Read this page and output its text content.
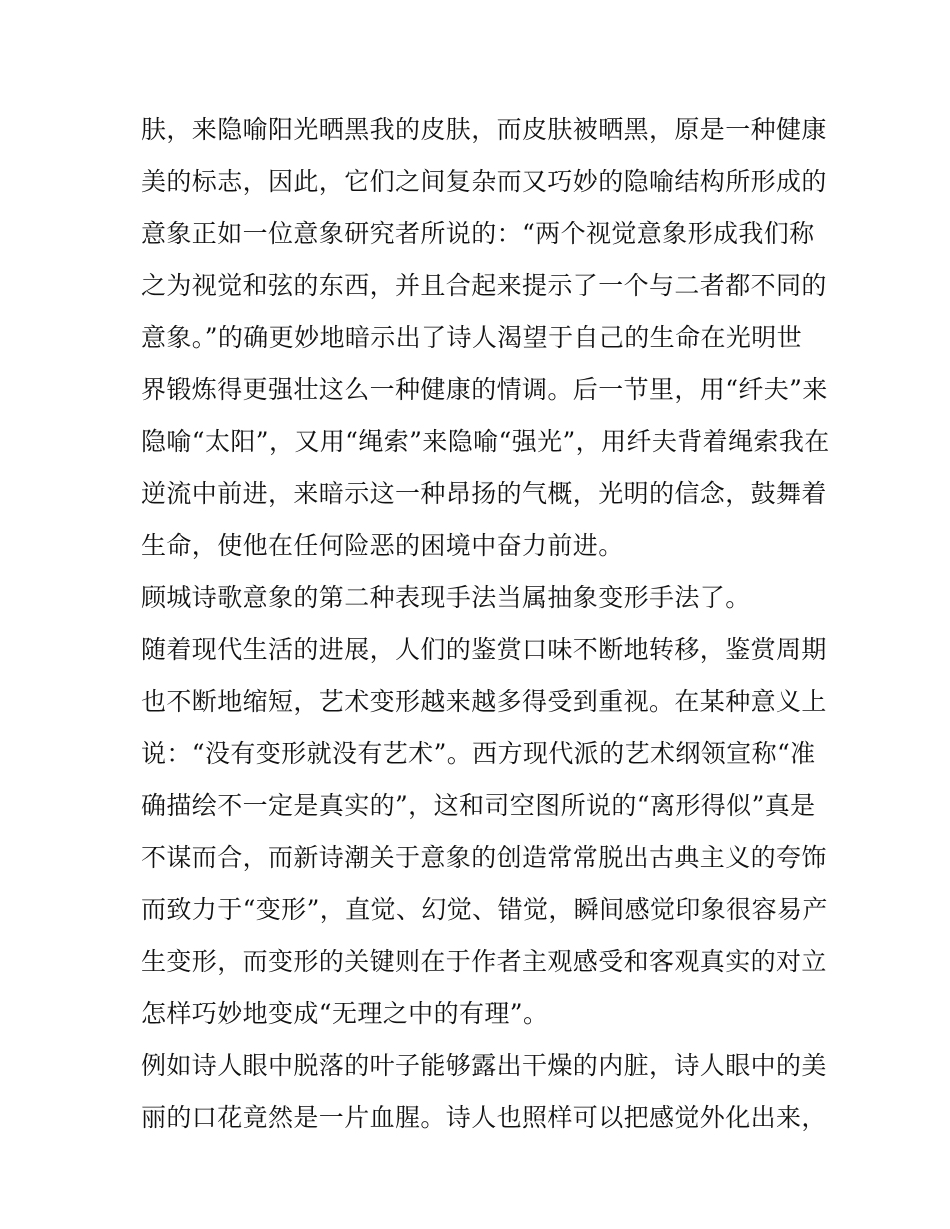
肤，来隐喻阳光晒黑我的皮肤，而皮肤被晒黑，原是一种健康
美的标志，因此，它们之间复杂而又巧妙的隐喻结构所形成的
意象正如一位意象研究者所说的：“两个视觉意象形成我们称
之为视觉和弦的东西，并且合起来提示了一个与二者都不同的
意象。”的确更妙地暗示出了诗人渴望于自己的生命在光明世
界锻炼得更强壮这么一种健康的情调。后一节里，用“纤夫”来
隐喻“太阳”，又用“绳索”来隐喻“强光”，用纤夫背着绳索我在
逆流中前进，来暗示这一种昂扬的气概，光明的信念，鼓舞着
生命，使他在任何险恶的困境中奋力前进。
顾城诗歌意象的第二种表现手法当属抽象变形手法了。
随着现代生活的进展，人们的鉴赏口味不断地转移，鉴赏周期
也不断地缩短，艺术变形越来越多得受到重视。在某种意义上
说：“没有变形就没有艺术”。西方现代派的艺术纲领宣称“准
确描绘不一定是真实的”，这和司空图所说的“离形得似”真是
不谋而合，而新诗潮关于意象的创造常常脱出古典主义的夸饰
而致力于“变形”，直觉、幻觉、错觉，瞬间感觉印象很容易产
生变形，而变形的关键则在于作者主观感受和客观真实的对立
怎样巧妙地变成“无理之中的有理”。
例如诗人眼中脱落的叶子能够露出干燥的内脏，诗人眼中的美
丽的口花竟然是一片血腥。诗人也照样可以把感觉外化出来，
